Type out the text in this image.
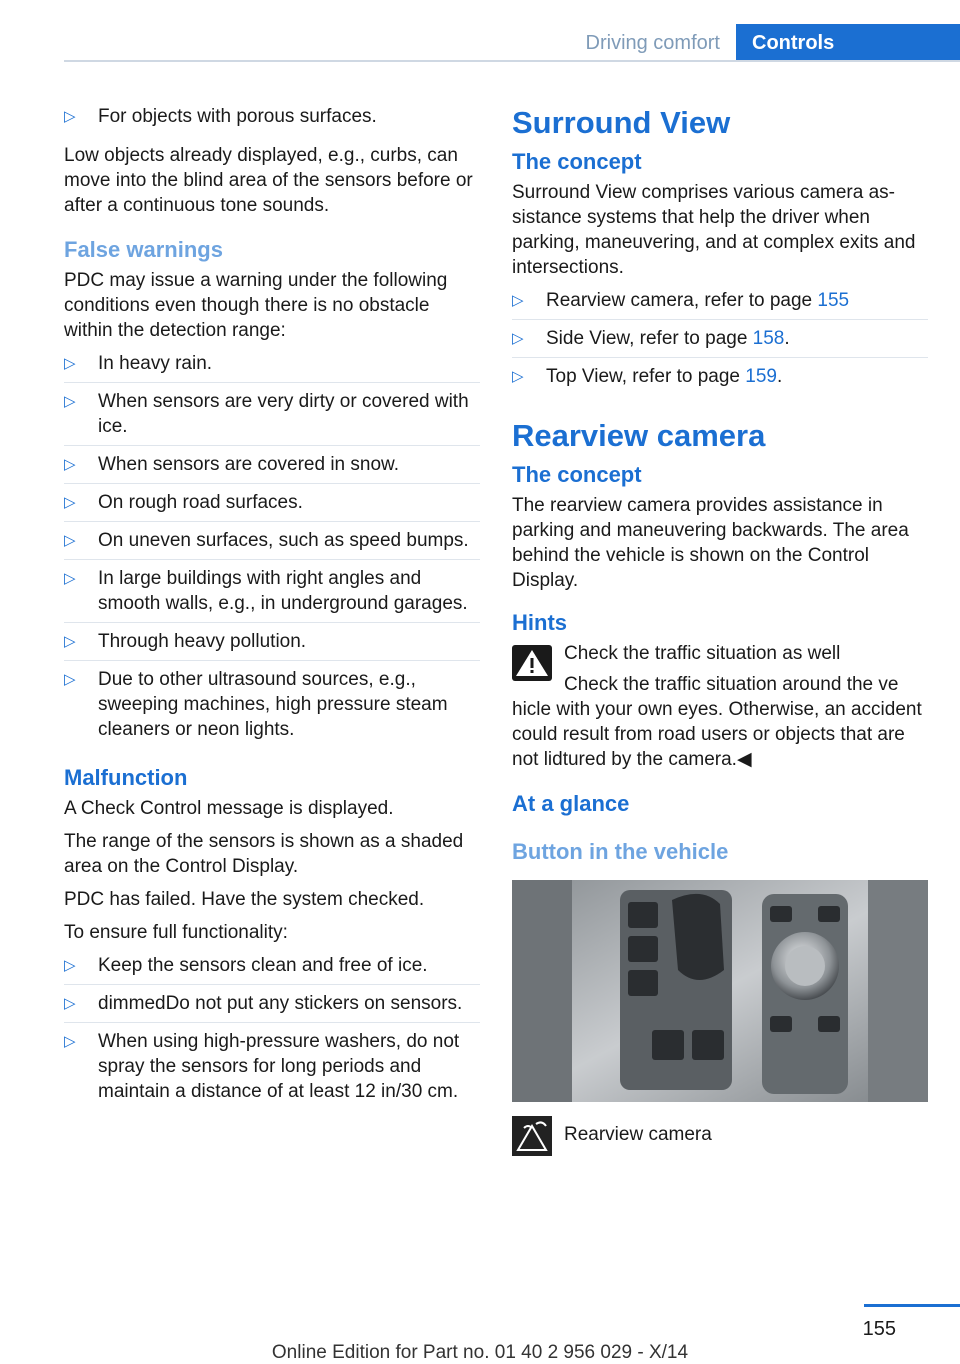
Driving comfort	Controls
▷ For objects with porous surfaces.

Low objects already displayed, e.g., curbs, can move into the blind area of the sensors before or after a continuous tone sounds.

False warnings

PDC may issue a warning under the following conditions even though there is no obstacle within the detection range:

▷ In heavy rain.
▷ When sensors are very dirty or covered with ice.
▷ When sensors are covered in snow.
▷ On rough road surfaces.
▷ On uneven surfaces, such as speed bumps.
▷ In large buildings with right angles and smooth walls, e.g., in underground garages.
▷ Through heavy pollution.
▷ Due to other ultrasound sources, e.g., sweeping machines, high pressure steam cleaners or neon lights.
Malfunction

A Check Control message is displayed.

The range of the sensors is shown as a shaded area on the Control Display.

PDC has failed. Have the system checked.

To ensure full functionality:

▷ Keep the sensors clean and free of ice.
▷ dimmedDo not put any stickers on sensors.
▷ When using high-pressure washers, do not spray the sensors for long periods and maintain a distance of at least 12 in/30 cm.
Surround View
The concept

Surround View comprises various camera assistance systems that help the driver when parking, maneuvering, and at complex exits and intersections.

▷ Rearview camera, refer to page 155
▷ Side View, refer to page 158.
▷ Top View, refer to page 159.
Rearview camera
The concept

The rearview camera provides assistance in parking and maneuvering backwards. The area behind the vehicle is shown on the Control Display.

Hints

Check the traffic situation as well

Check the traffic situation around the ve

hicle with your own eyes. Otherwise, an accident could result from road users or objects that are not lidtured by the camera.◀

At a glance
Button in the vehicle

Rearview camera

155
Online Edition for Part no. 01 40 2 956 029 - X/14
